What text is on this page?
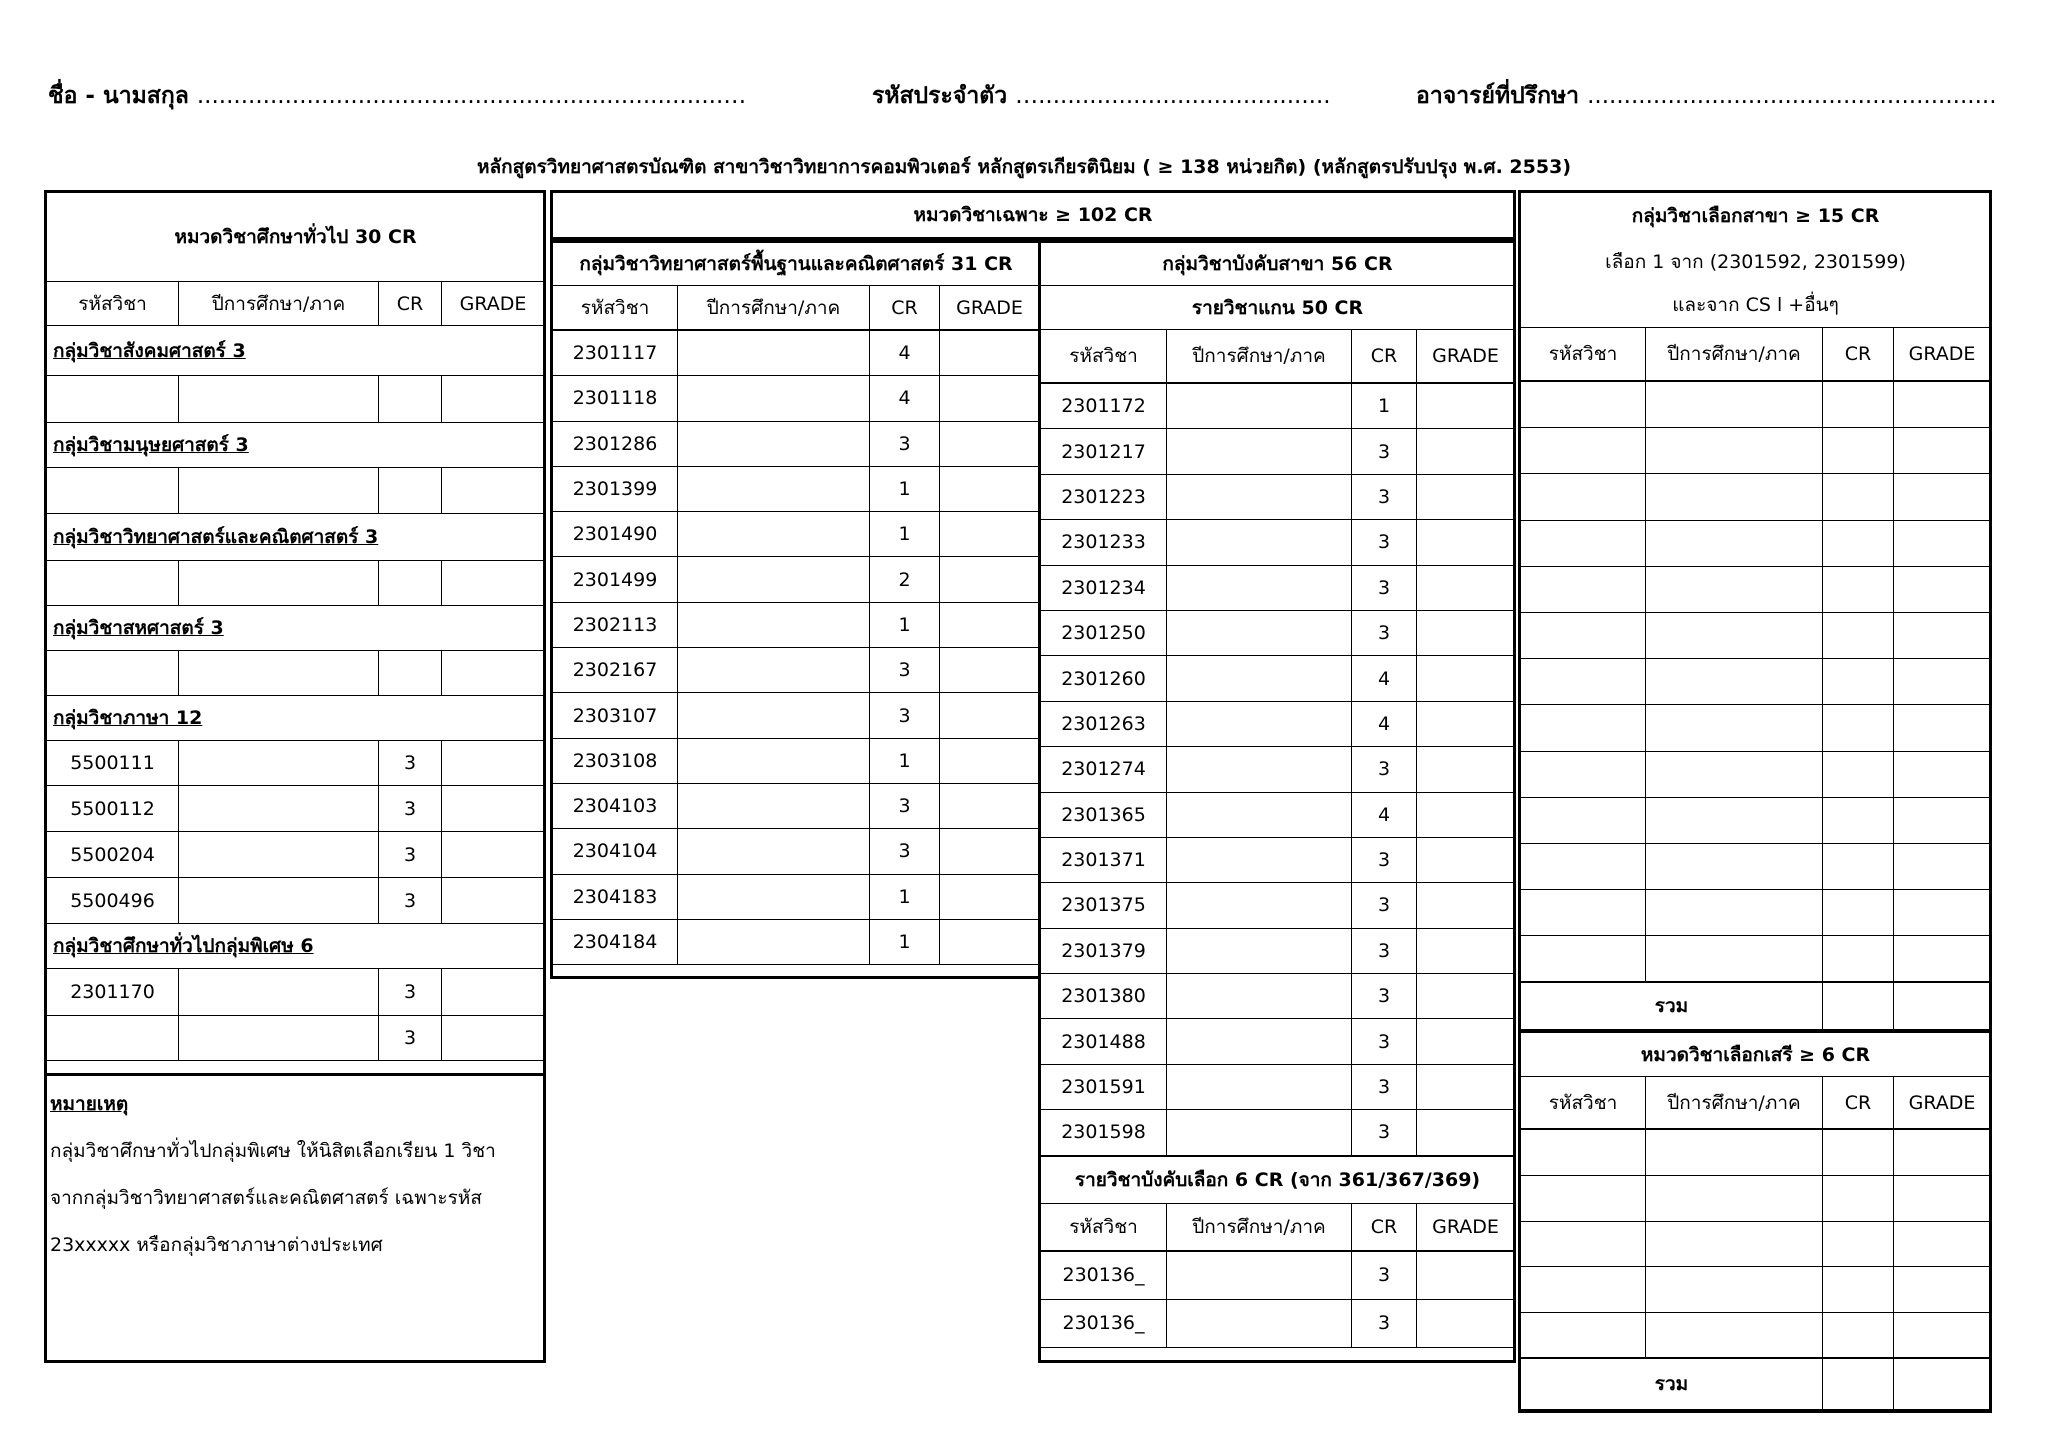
ชื่อ - นามสกุล ........................................................................…	รหัสประจำตัว …........................................	อาจารย์ที่ปรึกษา ........................................................
หลักสูตรวิทยาศาสตรบัณฑิต สาขาวิชาวิทยาการคอมพิวเตอร์ หลักสูตรเกียรตินิยม ( ≥ 138 หน่วยกิต) (หลักสูตรปรับปรุง พ.ศ. 2553)
หมวดวิชาศึกษาทั่วไป 30 CR			
รหัสวิชา	ปีการศึกษา/ภาค	CR	GRADE
กลุ่มวิชาสังคมศาสตร์ 3			

กลุ่มวิชามนุษยศาสตร์ 3			

กลุ่มวิชาวิทยาศาสตร์และคณิตศาสตร์ 3			

กลุ่มวิชาสหศาสตร์ 3			

กลุ่มวิชาภาษา 12			
5500111		3	
5500112		3	
5500204		3	
5500496		3	
กลุ่มวิชาศึกษาทั่วไปกลุ่มพิเศษ 6			
2301170		3	
		3	
หมายเหตุ
กลุ่มวิชาศึกษาทั่วไปกลุ่มพิเศษ ให้นิสิตเลือกเรียน 1 วิชา
จากกลุ่มวิชาวิทยาศาสตร์และคณิตศาสตร์ เฉพาะรหัส
23xxxxx หรือกลุ่มวิชาภาษาต่างประเทศ
หมวดวิชาเฉพาะ ≥ 102 CR
กลุ่มวิชาวิทยาศาสตร์พื้นฐานและคณิตศาสตร์ 31 CR
รหัสวิชา	ปีการศึกษา/ภาค	CR	GRADE
2301117		4	
2301118		4	
2301286		3	
2301399		1	
2301490		1	
2301499		2	
2302113		1	
2302167		3	
2303107		3	
2303108		1	
2304103		3	
2304104		3	
2304183		1	
2304184		1	
กลุ่มวิชาบังคับสาขา 56 CR
รายวิชาแกน 50 CR
รหัสวิชา	ปีการศึกษา/ภาค	CR	GRADE
2301172		1	
2301217		3	
2301223		3	
2301233		3	
2301234		3	
2301250		3	
2301260		4	
2301263		4	
2301274		3	
2301365		4	
2301371		3	
2301375		3	
2301379		3	
2301380		3	
2301488		3	
2301591		3	
2301598		3	
รายวิชาบังคับเลือก 6 CR (จาก 361/367/369)
รหัสวิชา	ปีการศึกษา/ภาค	CR	GRADE
230136_		3	
230136_		3	
กลุ่มวิชาเลือกสาขา ≥ 15 CR
เลือก 1 จาก (2301592, 2301599)
และจาก CS l +อื่นๆ
รหัสวิชา	ปีการศึกษา/ภาค	CR	GRADE

รวม		
หมวดวิชาเลือกเสรี ≥ 6 CR
รหัสวิชา	ปีการศึกษา/ภาค	CR	GRADE

รวม		
